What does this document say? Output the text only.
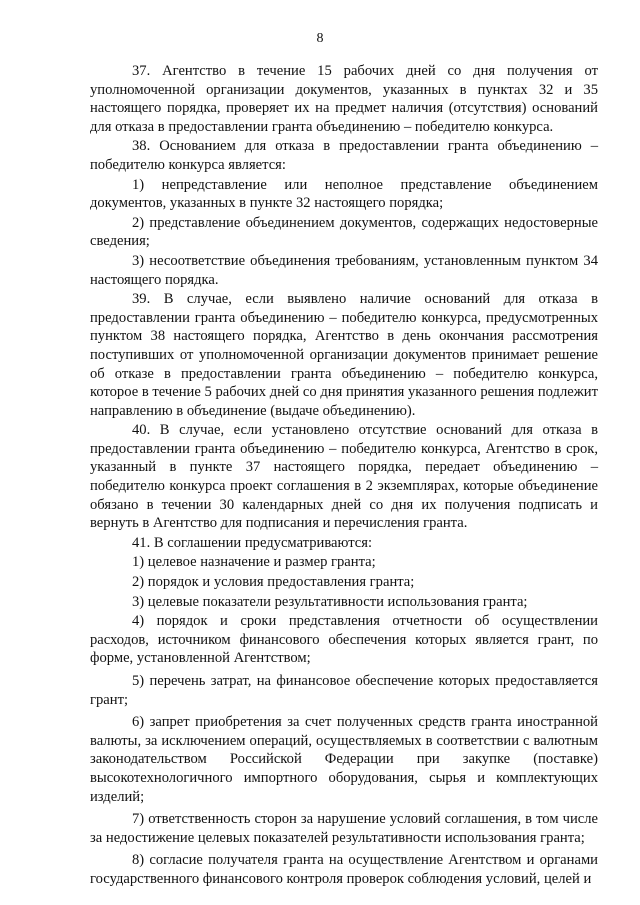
8

37. Агентство в течение 15 рабочих дней со дня получения от уполномоченной организации документов, указанных в пунктах 32 и 35 настоящего порядка, проверяет их на предмет наличия (отсутствия) оснований для отказа в предоставлении гранта объединению – победителю конкурса.

38. Основанием для отказа в предоставлении гранта объединению – победителю конкурса является:

1) непредставление или неполное представление объединением документов, указанных в пункте 32 настоящего порядка;

2) представление объединением документов, содержащих недостоверные сведения;

3) несоответствие объединения требованиям, установленным пунктом 34 настоящего порядка.

39. В случае, если выявлено наличие оснований для отказа в предоставлении гранта объединению – победителю конкурса, предусмотренных пунктом 38 настоящего порядка, Агентство в день окончания рассмотрения поступивших от уполномоченной организации документов принимает решение об отказе в предоставлении гранта объединению – победителю конкурса, которое в течение 5 рабочих дней со дня принятия указанного решения подлежит направлению в объединение (выдаче объединению).

40. В случае, если установлено отсутствие оснований для отказа в предоставлении гранта объединению – победителю конкурса, Агентство в срок, указанный в пункте 37 настоящего порядка, передает объединению – победителю конкурса проект соглашения в 2 экземплярах, которые объединение обязано в течении 30 календарных дней со дня их получения подписать и вернуть в Агентство для подписания и перечисления гранта.

41. В соглашении предусматриваются:

1) целевое назначение и размер гранта;

2) порядок и условия предоставления гранта;

3) целевые показатели результативности использования гранта;

4) порядок и сроки представления отчетности об осуществлении расходов, источником финансового обеспечения которых является грант, по форме, установленной Агентством;

5) перечень затрат, на финансовое обеспечение которых предоставляется грант;

6) запрет приобретения за счет полученных средств гранта иностранной валюты, за исключением операций, осуществляемых в соответствии с валютным законодательством Российской Федерации при закупке (поставке) высокотехнологичного импортного оборудования, сырья и комплектующих изделий;

7) ответственность сторон за нарушение условий соглашения, в том числе за недостижение целевых показателей результативности использования гранта;

8) согласие получателя гранта на осуществление Агентством и органами государственного финансового контроля проверок соблюдения условий, целей и
